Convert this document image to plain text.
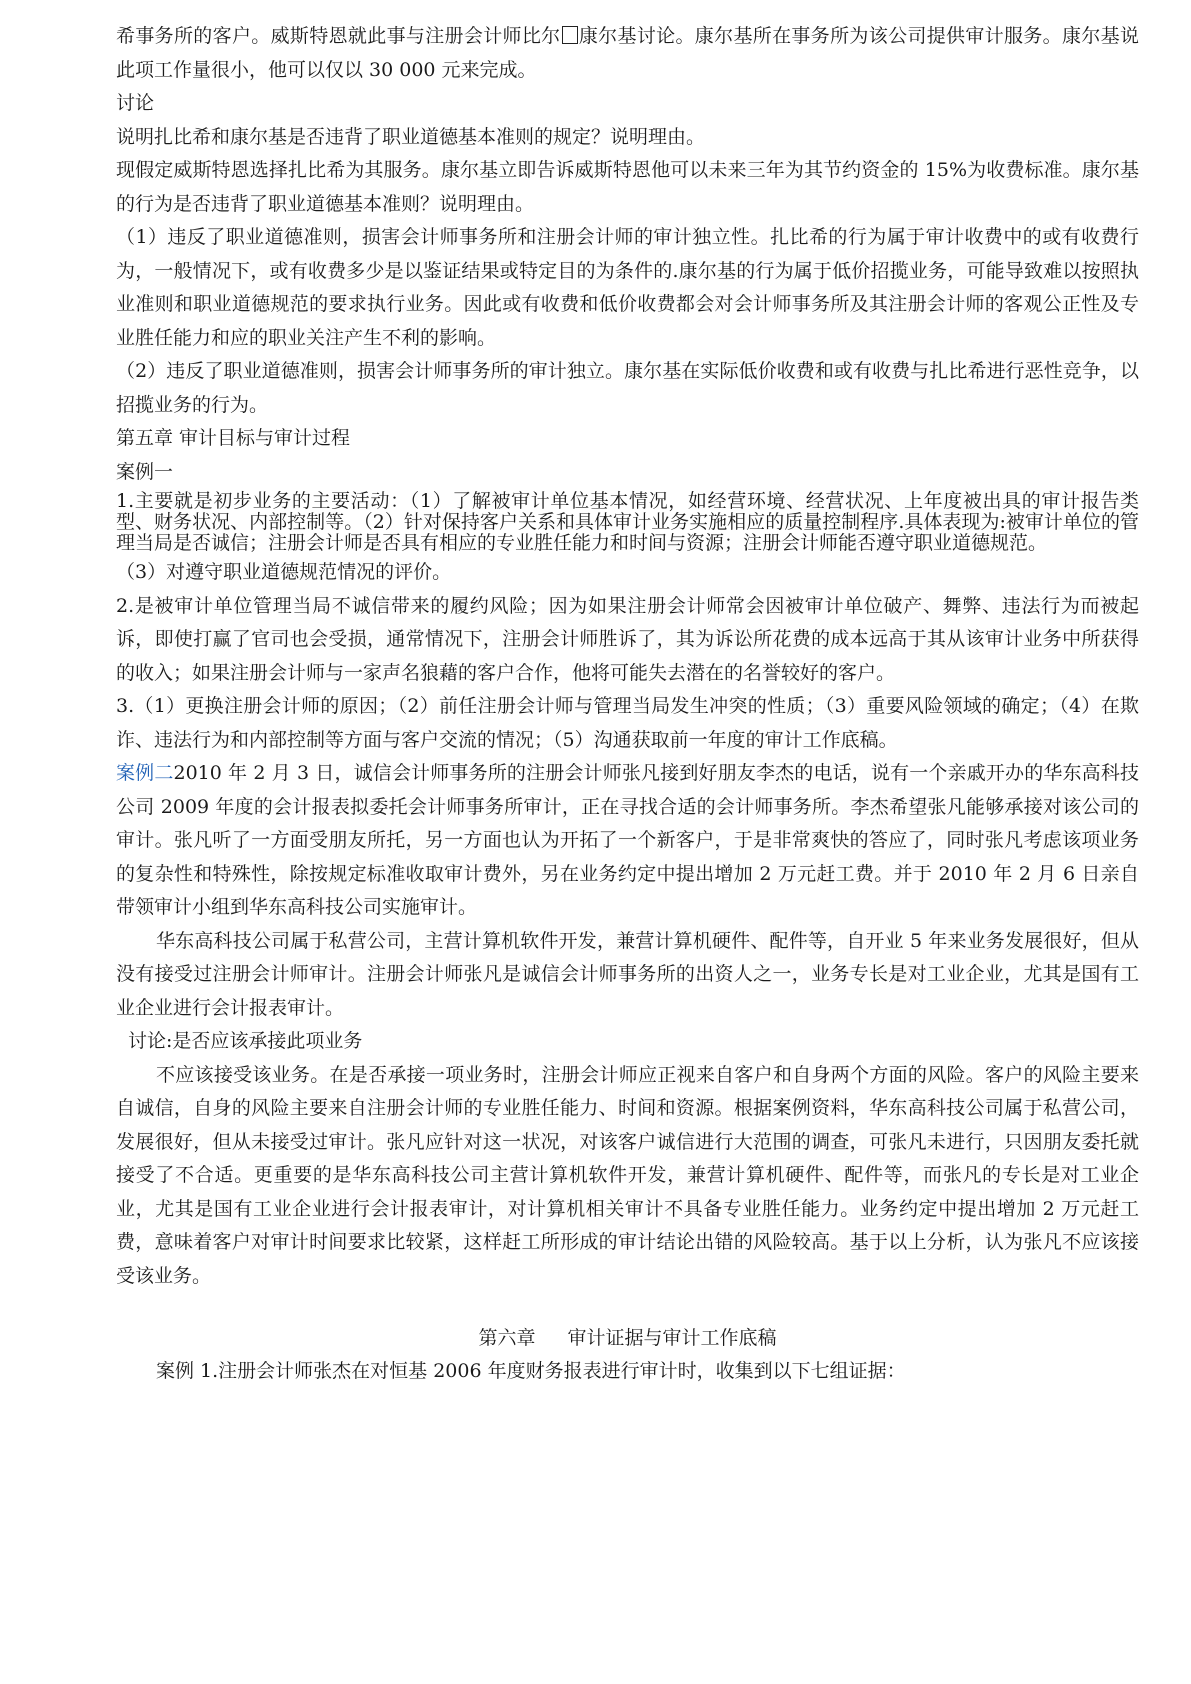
希事务所的客户。威斯特恩就此事与注册会计师比尔 康尔基讨论。康尔基所在事务所为该公司提供审计服务。康尔基说此项工作量很小，他可以仅以 30 000 元来完成。

讨论

说明扎比希和康尔基是否违背了职业道德基本准则的规定？说明理由。

现假定威斯特恩选择扎比希为其服务。康尔基立即告诉威斯特恩他可以未来三年为其节约资金的 15%为收费标准。康尔基的行为是否违背了职业道德基本准则？说明理由。

（1）违反了职业道德准则，损害会计师事务所和注册会计师的审计独立性。扎比希的行为属于审计收费中的或有收费行为，一般情况下，或有收费多少是以鉴证结果或特定目的为条件的.康尔基的行为属于低价招揽业务，可能导致难以按照执业准则和职业道德规范的要求执行业务。因此或有收费和低价收费都会对会计师事务所及其注册会计师的客观公正性及专业胜任能力和应的职业关注产生不利的影响。

（2）违反了职业道德准则，损害会计师事务所的审计独立。康尔基在实际低价收费和或有收费与扎比希进行恶性竞争，以招揽业务的行为。

第五章 审计目标与审计过程

案例一

1.主要就是初步业务的主要活动：（1）了解被审计单位基本情况，如经营环境、经营状况、上年度被出具的审计报告类型、财务状况、内部控制等。（2）针对保持客户关系和具体审计业务实施相应的质量控制程序.具体表现为:被审计单位的管理当局是否诚信；注册会计师是否具有相应的专业胜任能力和时间与资源；注册会计师能否遵守职业道德规范。

（3）对遵守职业道德规范情况的评价。

2.是被审计单位管理当局不诚信带来的履约风险；因为如果注册会计师常会因被审计单位破产、舞弊、违法行为而被起诉，即使打赢了官司也会受损，通常情况下，注册会计师胜诉了，其为诉讼所花费的成本远高于其从该审计业务中所获得的收入；如果注册会计师与一家声名狼藉的客户合作，他将可能失去潜在的名誉较好的客户。

3.（1）更换注册会计师的原因；（2）前任注册会计师与管理当局发生冲突的性质；（3）重要风险领域的确定；（4）在欺诈、违法行为和内部控制等方面与客户交流的情况；（5）沟通获取前一年度的审计工作底稿。

案例二2010 年 2 月 3 日，诚信会计师事务所的注册会计师张凡接到好朋友李杰的电话，说有一个亲戚开办的华东高科技公司 2009 年度的会计报表拟委托会计师事务所审计，正在寻找合适的会计师事务所。李杰希望张凡能够承接对该公司的审计。张凡听了一方面受朋友所托，另一方面也认为开拓了一个新客户，于是非常爽快的答应了，同时张凡考虑该项业务的复杂性和特殊性，除按规定标准收取审计费外，另在业务约定中提出增加 2 万元赶工费。并于 2010 年 2 月 6 日亲自带领审计小组到华东高科技公司实施审计。

华东高科技公司属于私营公司，主营计算机软件开发，兼营计算机硬件、配件等，自开业 5 年来业务发展很好，但从没有接受过注册会计师审计。注册会计师张凡是诚信会计师事务所的出资人之一，业务专长是对工业企业，尤其是国有工业企业进行会计报表审计。

讨论:是否应该承接此项业务

不应该接受该业务。在是否承接一项业务时，注册会计师应正视来自客户和自身两个方面的风险。客户的风险主要来自诚信，自身的风险主要来自注册会计师的专业胜任能力、时间和资源。根据案例资料，华东高科技公司属于私营公司，发展很好，但从未接受过审计。张凡应针对这一状况，对该客户诚信进行大范围的调查，可张凡未进行，只因朋友委托就接受了不合适。更重要的是华东高科技公司主营计算机软件开发，兼营计算机硬件、配件等，而张凡的专长是对工业企业，尤其是国有工业企业进行会计报表审计，对计算机相关审计不具备专业胜任能力。业务约定中提出增加 2 万元赶工费，意味着客户对审计时间要求比较紧，这样赶工所形成的审计结论出错的风险较高。基于以上分析，认为张凡不应该接受该业务。

第六章 审计证据与审计工作底稿

案例 1.注册会计师张杰在对恒基 2006 年度财务报表进行审计时，收集到以下七组证据：
